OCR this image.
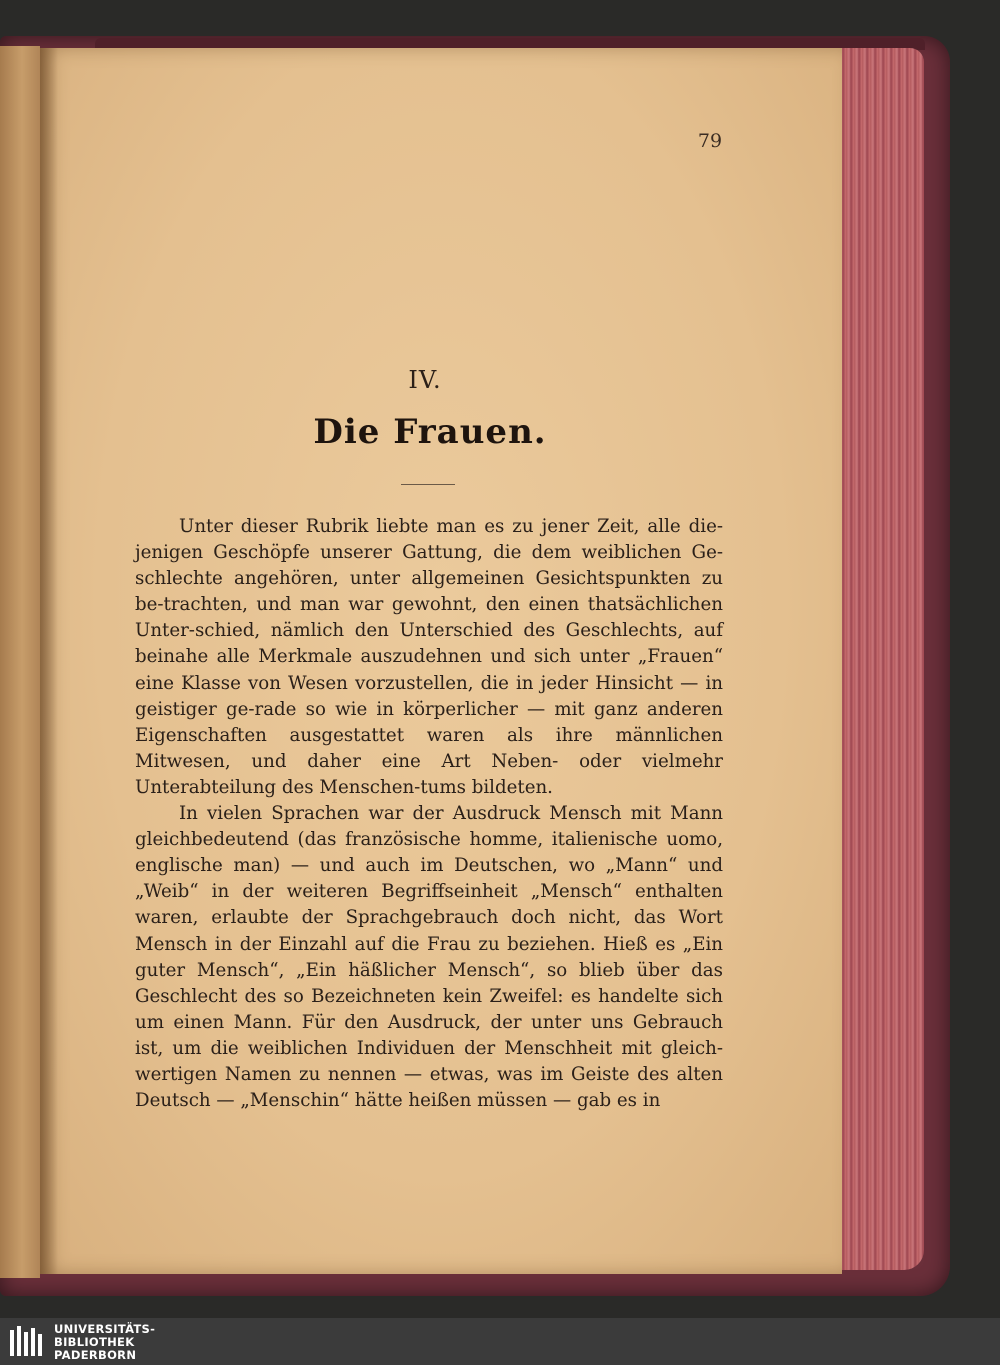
79
IV.
Die Frauen.

Unter dieser Rubrik liebte man es zu jener Zeit, alle die-jenigen Geschöpfe unserer Gattung, die dem weiblichen Ge-schlechte angehören, unter allgemeinen Gesichtspunkten zu be-trachten, und man war gewohnt, den einen thatsächlichen Unter-schied, nämlich den Unterschied des Geschlechts, auf beinahe alle Merkmale auszudehnen und sich unter „Frauen“ eine Klasse von Wesen vorzustellen, die in jeder Hinsicht — in geistiger ge-rade so wie in körperlicher — mit ganz anderen Eigenschaften ausgestattet waren als ihre männlichen Mitwesen, und daher eine Art Neben- oder vielmehr Unterabteilung des Menschen-tums bildeten.

In vielen Sprachen war der Ausdruck Mensch mit Mann gleichbedeutend (das französische homme, italienische uomo, englische man) — und auch im Deutschen, wo „Mann“ und „Weib“ in der weiteren Begriffseinheit „Mensch“ enthalten waren, erlaubte der Sprachgebrauch doch nicht, das Wort Mensch in der Einzahl auf die Frau zu beziehen. Hieß es „Ein guter Mensch“, „Ein häßlicher Mensch“, so blieb über das Geschlecht des so Bezeichneten kein Zweifel: es handelte sich um einen Mann. Für den Ausdruck, der unter uns Gebrauch ist, um die weiblichen Individuen der Menschheit mit gleich-wertigen Namen zu nennen — etwas, was im Geiste des alten Deutsch — „Menschin“ hätte heißen müssen — gab es in

UNIVERSITÄTS-
BIBLIOTHEK
PADERBORN
